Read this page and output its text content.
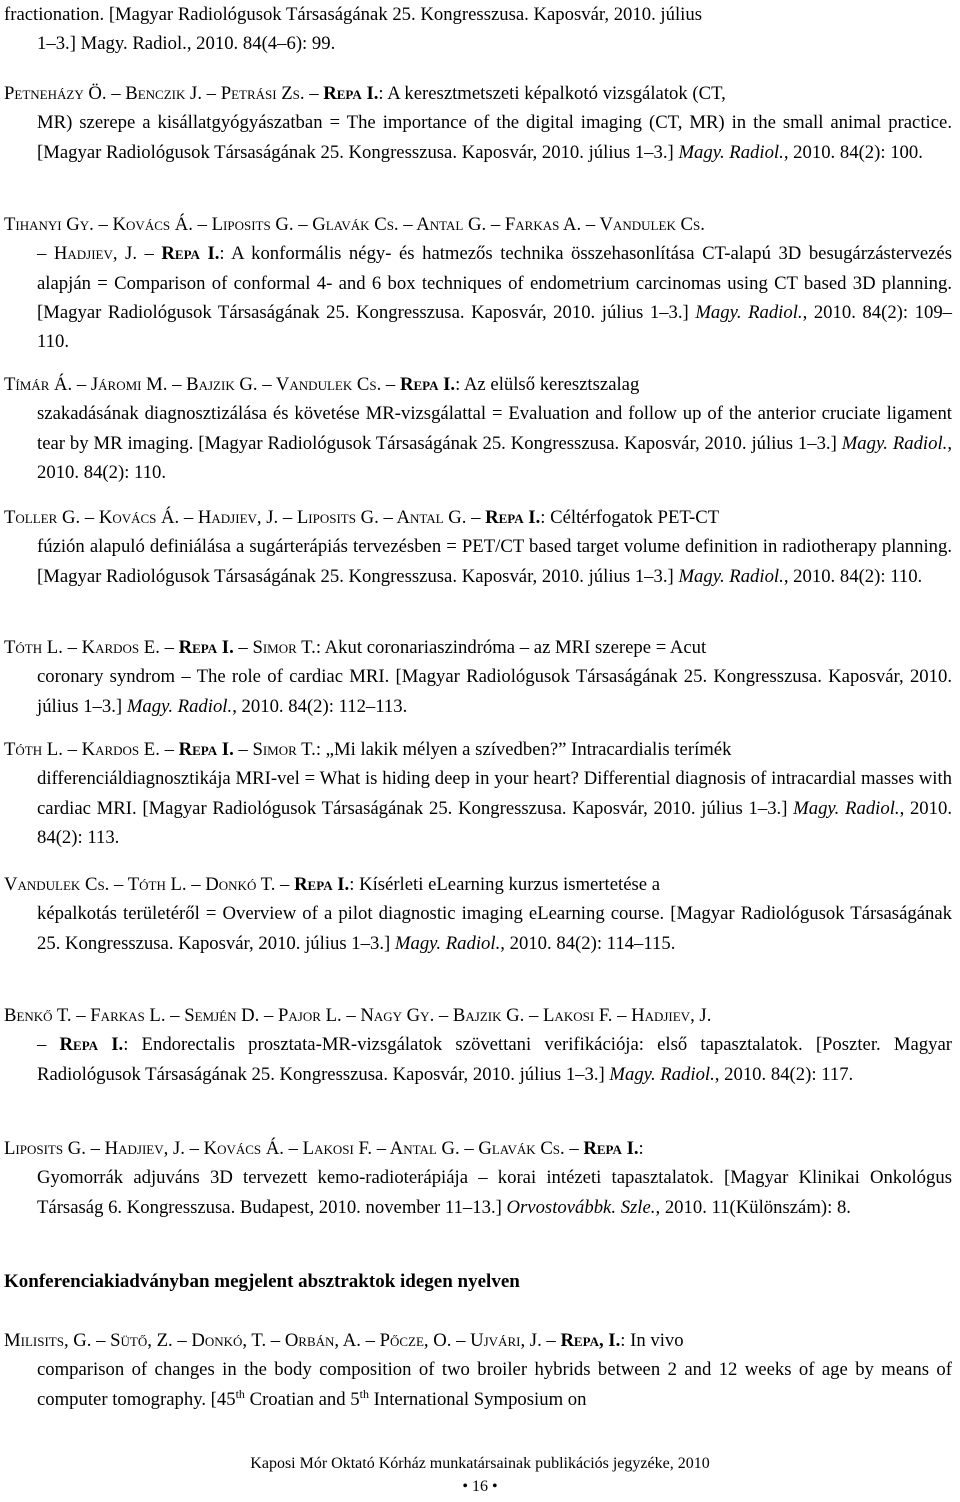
fractionation. [Magyar Radiológusok Társaságának 25. Kongresszusa. Kaposvár, 2010. július
1–3.] Magy. Radiol., 2010. 84(4–6): 99.

Petneházy Ö. – Benczik J. – Petrási Zs. – Repa I.: A keresztmetszeti képalkotó vizsgálatok (CT,
MR) szerepe a kisállatgyógyászatban = The importance of the digital imaging (CT, MR) in the small animal practice. [Magyar Radiológusok Társaságának 25. Kongresszusa. Kaposvár, 2010. július 1–3.] Magy. Radiol., 2010. 84(2): 100.

Tihanyi Gy. – Kovács Á. – Liposits G. – Glavák Cs. – Antal G. – Farkas A. – Vandulek Cs.
– Hadjiev, J. – Repa I.: A konformális négy- és hatmezős technika összehasonlítása CT-alapú 3D besugárzástervezés alapján = Comparison of conformal 4- and 6 box techniques of endometrium carcinomas using CT based 3D planning. [Magyar Radiológusok Társaságának 25. Kongresszusa. Kaposvár, 2010. július 1–3.] Magy. Radiol., 2010. 84(2): 109–110.

Tímár Á. – Járomi M. – Bajzik G. – Vandulek Cs. – Repa I.: Az elülső keresztszalag
szakadásának diagnosztizálása és követése MR-vizsgálattal = Evaluation and follow up of the anterior cruciate ligament tear by MR imaging. [Magyar Radiológusok Társaságának 25. Kongresszusa. Kaposvár, 2010. július 1–3.] Magy. Radiol., 2010. 84(2): 110.

Toller G. – Kovács Á. – Hadjiev, J. – Liposits G. – Antal G. – Repa I.: Céltérfogatok PET-CT
fúzión alapuló definiálása a sugárterápiás tervezésben = PET/CT based target volume definition in radiotherapy planning. [Magyar Radiológusok Társaságának 25. Kongresszusa. Kaposvár, 2010. július 1–3.] Magy. Radiol., 2010. 84(2): 110.

Tóth L. – Kardos E. – Repa I. – Simor T.: Akut coronariaszindróma – az MRI szerepe = Acut
coronary syndrom – The role of cardiac MRI. [Magyar Radiológusok Társaságának 25. Kongresszusa. Kaposvár, 2010. július 1–3.] Magy. Radiol., 2010. 84(2): 112–113.

Tóth L. – Kardos E. – Repa I. – Simor T.: „Mi lakik mélyen a szívedben?” Intracardialis terímék
differenciáldiagnosztikája MRI-vel = What is hiding deep in your heart? Differential diagnosis of intracardial masses with cardiac MRI. [Magyar Radiológusok Társaságának 25. Kongresszusa. Kaposvár, 2010. július 1–3.] Magy. Radiol., 2010. 84(2): 113.

Vandulek Cs. – Tóth L. – Donkó T. – Repa I.: Kísérleti eLearning kurzus ismertetése a
képalkotás területéről = Overview of a pilot diagnostic imaging eLearning course. [Magyar Radiológusok Társaságának 25. Kongresszusa. Kaposvár, 2010. július 1–3.] Magy. Radiol., 2010. 84(2): 114–115.

Benkő T. – Farkas L. – Semjén D. – Pajor L. – Nagy Gy. – Bajzik G. – Lakosi F. – Hadjiev, J.
– Repa I.: Endorectalis prosztata-MR-vizsgálatok szövettani verifikációja: első tapasztalatok. [Poszter. Magyar Radiológusok Társaságának 25. Kongresszusa. Kaposvár, 2010. július 1–3.] Magy. Radiol., 2010. 84(2): 117.

Liposits G. – Hadjiev, J. – Kovács Á. – Lakosi F. – Antal G. – Glavák Cs. – Repa I.:
Gyomorrák adjuváns 3D tervezett kemo-radioterápiája – korai intézeti tapasztalatok. [Magyar Klinikai Onkológus Társaság 6. Kongresszusa. Budapest, 2010. november 11–13.] Orvostovábbk. Szle., 2010. 11(Különszám): 8.

Konferenciakiadványban megjelent absztraktok idegen nyelven

Milisits, G. – Sütő, Z. – Donkó, T. – Orbán, A. – Pőcze, O. – Ujvári, J. – Repa, I.: In vivo
comparison of changes in the body composition of two broiler hybrids between 2 and 12 weeks of age by means of computer tomography. [45th Croatian and 5th International Symposium on

Kaposi Mór Oktató Kórház munkatársainak publikációs jegyzéke, 2010
• 16 •
